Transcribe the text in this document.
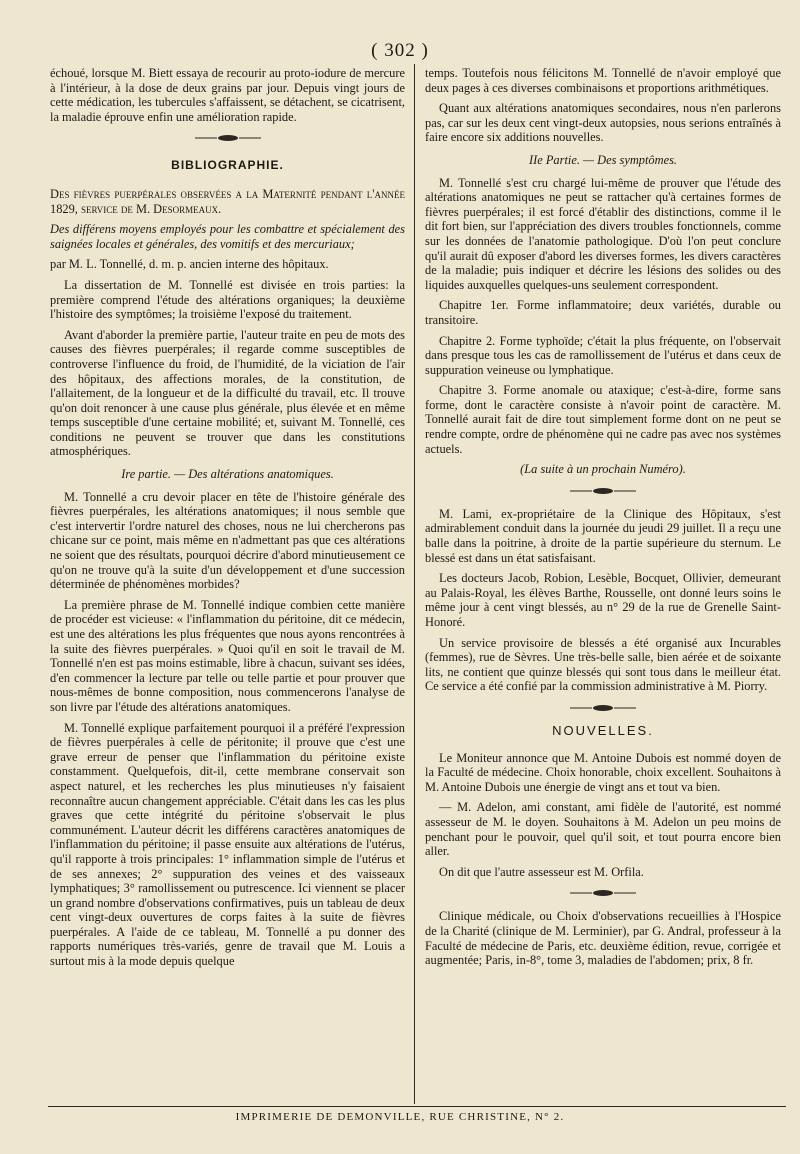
( 302 )

échoué, lorsque M. Biett essaya de recourir au proto-iodure de mercure à l'intérieur, à la dose de deux grains par jour. Depuis vingt jours de cette médication, les tubercules s'affaissent, se détachent, se cicatrisent, la maladie éprouve enfin une amélioration rapide.

BIBLIOGRAPHIE.

Des fièvres puerpérales observées a la Maternité pendant l'année 1829, service de M. Desormeaux.

Des différens moyens employés pour les combattre et spécialement des saignées locales et générales, des vomitifs et des mercuriaux;

par M. L. Tonnellé, d. m. p. ancien interne des hôpitaux.

La dissertation de M. Tonnellé est divisée en trois parties: la première comprend l'étude des altérations organiques; la deuxième l'histoire des symptômes; la troisième l'exposé du traitement.

Avant d'aborder la première partie, l'auteur traite en peu de mots des causes des fièvres puerpérales; il regarde comme susceptibles de controverse l'influence du froid, de l'humidité, de la viciation de l'air des hôpitaux, des affections morales, de la constitution, de l'allaitement, de la longueur et de la difficulté du travail, etc. Il trouve qu'on doit renoncer à une cause plus générale, plus élevée et en même temps susceptible d'une certaine mobilité; et, suivant M. Tonnellé, ces conditions ne peuvent se trouver que dans les constitutions atmosphériques.

Ire partie. — Des altérations anatomiques.

M. Tonnellé a cru devoir placer en tête de l'histoire générale des fièvres puerpérales, les altérations anatomiques; il nous semble que c'est intervertir l'ordre naturel des choses, nous ne lui chercherons pas chicane sur ce point, mais même en n'admettant pas que ces altérations ne soient que des résultats, pourquoi décrire d'abord minutieusement ce qu'on ne trouve qu'à la suite d'un développement et d'une succession déterminée de phénomènes morbides?

La première phrase de M. Tonnellé indique combien cette manière de procéder est vicieuse: « l'inflammation du péritoine, dit ce médecin, est une des altérations les plus fréquentes que nous ayons rencontrées à la suite des fièvres puerpérales. » Quoi qu'il en soit le travail de M. Tonnellé n'en est pas moins estimable, libre à chacun, suivant ses idées, d'en commencer la lecture par telle ou telle partie et pour prouver que nous-mêmes de bonne composition, nous commencerons l'analyse de son livre par l'étude des altérations anatomiques.

M. Tonnellé explique parfaitement pourquoi il a préféré l'expression de fièvres puerpérales à celle de péritonite; il prouve que c'est une grave erreur de penser que l'inflammation du péritoine existe constamment. Quelquefois, dit-il, cette membrane conservait son aspect naturel, et les recherches les plus minutieuses n'y faisaient reconnaître aucun changement appréciable. C'était dans les cas les plus graves que cette intégrité du péritoine s'observait le plus communément. L'auteur décrit les différens caractères anatomiques de l'inflammation du péritoine; il passe ensuite aux altérations de l'utérus, qu'il rapporte à trois principales: 1° inflammation simple de l'utérus et de ses annexes; 2° suppuration des veines et des vaisseaux lymphatiques; 3° ramollissement ou putrescence. Ici viennent se placer un grand nombre d'observations confirmatives, puis un tableau de deux cent vingt-deux ouvertures de corps faites à la suite de fièvres puerpérales. A l'aide de ce tableau, M. Tonnellé a pu donner des rapports numériques très-variés, genre de travail que M. Louis a surtout mis à la mode depuis quelque

temps. Toutefois nous félicitons M. Tonnellé de n'avoir employé que deux pages à ces diverses combinaisons et proportions arithmétiques.

Quant aux altérations anatomiques secondaires, nous n'en parlerons pas, car sur les deux cent vingt-deux autopsies, nous serions entraînés à faire encore six additions nouvelles.

IIe Partie. — Des symptômes.

M. Tonnellé s'est cru chargé lui-même de prouver que l'étude des altérations anatomiques ne peut se rattacher qu'à certaines formes de fièvres puerpérales; il est forcé d'établir des distinctions, comme il le dit fort bien, sur l'appréciation des divers troubles fonctionnels, comme sur les données de l'anatomie pathologique. D'où l'on peut conclure qu'il aurait dû exposer d'abord les diverses formes, les divers caractères de la maladie; puis indiquer et décrire les lésions des solides ou des liquides auxquelles quelques-uns seulement correspondent.

Chapitre 1er. Forme inflammatoire; deux variétés, durable ou transitoire.

Chapitre 2. Forme typhoïde; c'était la plus fréquente, on l'observait dans presque tous les cas de ramollissement de l'utérus et dans ceux de suppuration veineuse ou lymphatique.

Chapitre 3. Forme anomale ou ataxique; c'est-à-dire, forme sans forme, dont le caractère consiste à n'avoir point de caractère. M. Tonnellé aurait fait de dire tout simplement forme dont on ne peut se rendre compte, ordre de phénomène qui ne cadre pas avec nos systèmes actuels.

(La suite à un prochain Numéro).

M. Lami, ex-propriétaire de la Clinique des Hôpitaux, s'est admirablement conduit dans la journée du jeudi 29 juillet. Il a reçu une balle dans la poitrine, à droite de la partie supérieure du sternum. Le blessé est dans un état satisfaisant.

Les docteurs Jacob, Robion, Lesèble, Bocquet, Ollivier, demeurant au Palais-Royal, les élèves Barthe, Rousselle, ont donné leurs soins le même jour à cent vingt blessés, au n° 29 de la rue de Grenelle Saint-Honoré.

Un service provisoire de blessés a été organisé aux Incurables (femmes), rue de Sèvres. Une très-belle salle, bien aérée et de soixante lits, ne contient que quinze blessés qui sont tous dans le meilleur état. Ce service a été confié par la commission administrative à M. Piorry.

NOUVELLES.

Le Moniteur annonce que M. Antoine Dubois est nommé doyen de la Faculté de médecine. Choix honorable, choix excellent. Souhaitons à M. Antoine Dubois une énergie de vingt ans et tout va bien.

— M. Adelon, ami constant, ami fidèle de l'autorité, est nommé assesseur de M. le doyen. Souhaitons à M. Adelon un peu moins de penchant pour le pouvoir, quel qu'il soit, et tout pourra encore bien aller.

On dit que l'autre assesseur est M. Orfila.

Clinique médicale, ou Choix d'observations recueillies à l'Hospice de la Charité (clinique de M. Lerminier), par G. Andral, professeur à la Faculté de médecine de Paris, etc. deuxième édition, revue, corrigée et augmentée; Paris, in-8°, tome 3, maladies de l'abdomen; prix, 8 fr.

IMPRIMERIE DE DEMONVILLE, RUE CHRISTINE, N° 2.
